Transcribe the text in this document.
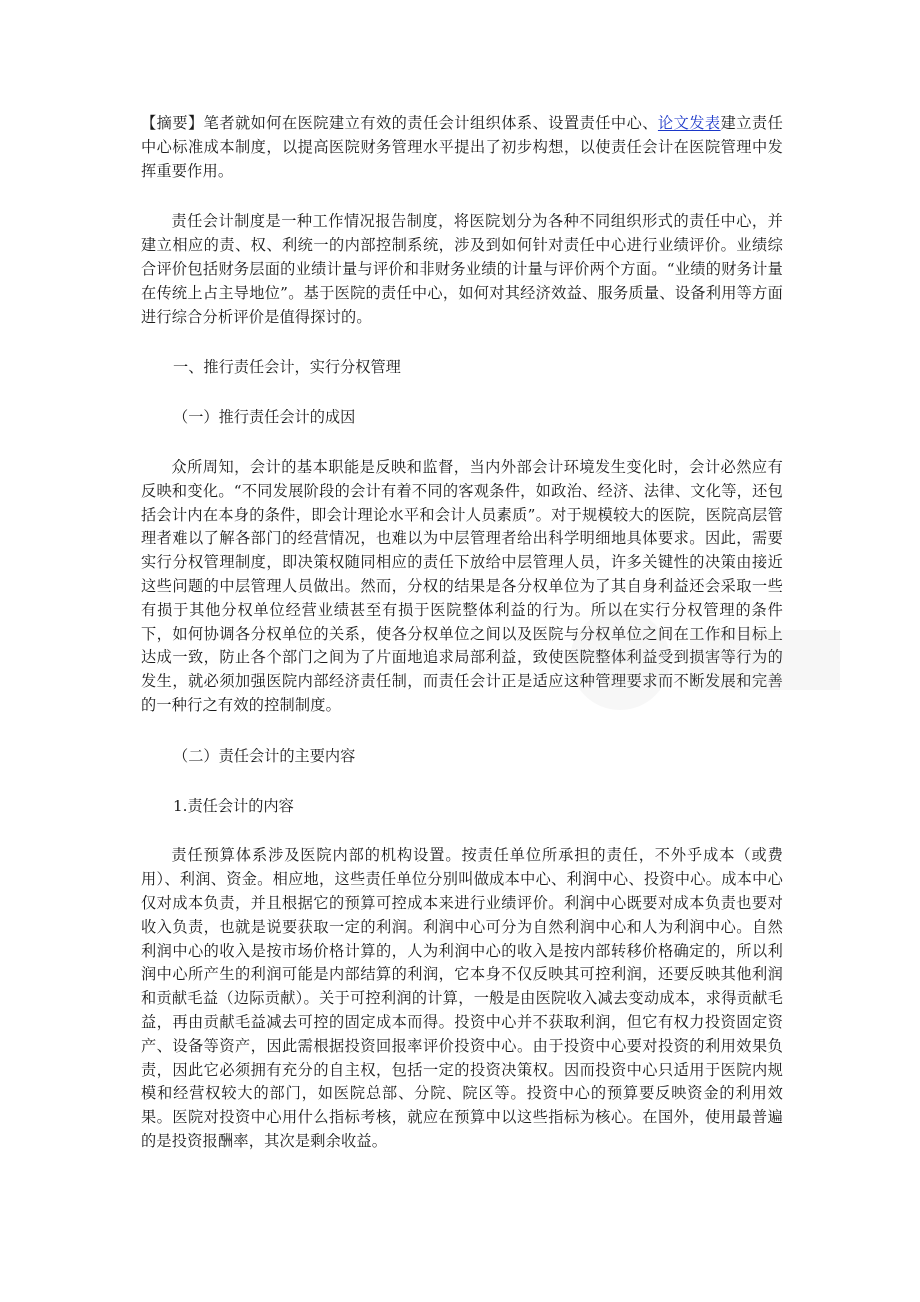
【摘要】笔者就如何在医院建立有效的责任会计组织体系、设置责任中心、论文发表建立责任中心标准成本制度，以提高医院财务管理水平提出了初步构想，以使责任会计在医院管理中发挥重要作用。

责任会计制度是一种工作情况报告制度，将医院划分为各种不同组织形式的责任中心，并建立相应的责、权、利统一的内部控制系统，涉及到如何针对责任中心进行业绩评价。业绩综合评价包括财务层面的业绩计量与评价和非财务业绩的计量与评价两个方面。“业绩的财务计量在传统上占主导地位”。基于医院的责任中心，如何对其经济效益、服务质量、设备利用等方面进行综合分析评价是值得探讨的。

一、推行责任会计，实行分权管理

（一）推行责任会计的成因

众所周知，会计的基本职能是反映和监督，当内外部会计环境发生变化时，会计必然应有反映和变化。“不同发展阶段的会计有着不同的客观条件，如政治、经济、法律、文化等，还包括会计内在本身的条件，即会计理论水平和会计人员素质”。对于规模较大的医院，医院高层管理者难以了解各部门的经营情况，也难以为中层管理者给出科学明细地具体要求。因此，需要实行分权管理制度，即决策权随同相应的责任下放给中层管理人员，许多关键性的决策由接近这些问题的中层管理人员做出。然而，分权的结果是各分权单位为了其自身利益还会采取一些有损于其他分权单位经营业绩甚至有损于医院整体利益的行为。所以在实行分权管理的条件下，如何协调各分权单位的关系，使各分权单位之间以及医院与分权单位之间在工作和目标上达成一致，防止各个部门之间为了片面地追求局部利益，致使医院整体利益受到损害等行为的发生，就必须加强医院内部经济责任制，而责任会计正是适应这种管理要求而不断发展和完善的一种行之有效的控制制度。

（二）责任会计的主要内容

1.责任会计的内容

责任预算体系涉及医院内部的机构设置。按责任单位所承担的责任，不外乎成本（或费用）、利润、资金。相应地，这些责任单位分别叫做成本中心、利润中心、投资中心。成本中心仅对成本负责，并且根据它的预算可控成本来进行业绩评价。利润中心既要对成本负责也要对收入负责，也就是说要获取一定的利润。利润中心可分为自然利润中心和人为利润中心。自然利润中心的收入是按市场价格计算的，人为利润中心的收入是按内部转移价格确定的，所以利润中心所产生的利润可能是内部结算的利润，它本身不仅反映其可控利润，还要反映其他利润和贡献毛益（边际贡献）。关于可控利润的计算，一般是由医院收入减去变动成本，求得贡献毛益，再由贡献毛益减去可控的固定成本而得。投资中心并不获取利润，但它有权力投资固定资产、设备等资产，因此需根据投资回报率评价投资中心。由于投资中心要对投资的利用效果负责，因此它必须拥有充分的自主权，包括一定的投资决策权。因而投资中心只适用于医院内规模和经营权较大的部门，如医院总部、分院、院区等。投资中心的预算要反映资金的利用效果。医院对投资中心用什么指标考核，就应在预算中以这些指标为核心。在国外，使用最普遍的是投资报酬率，其次是剩余收益。
